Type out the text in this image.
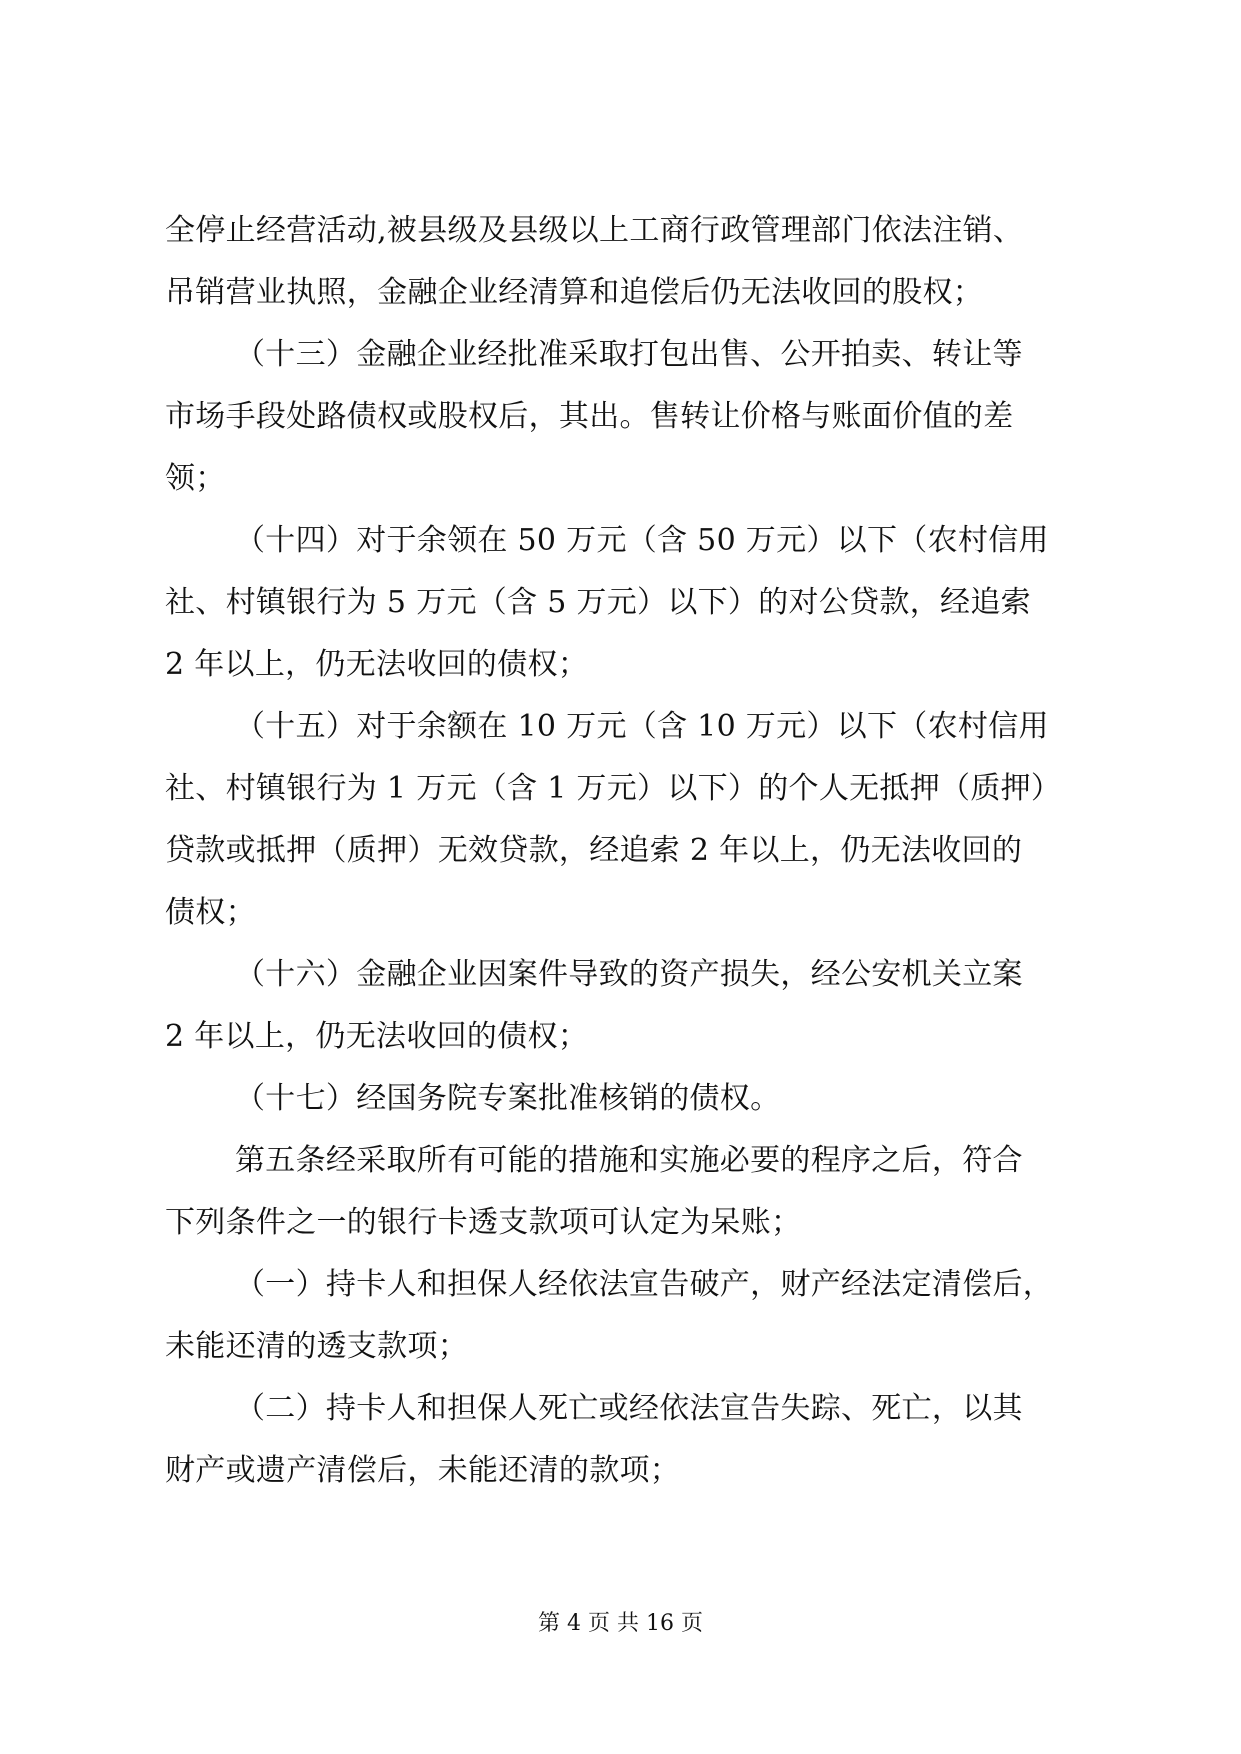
全停止经营活动,被县级及县级以上工商行政管理部门依法注销、
吊销营业执照，金融企业经清算和追偿后仍无法收回的股权；
（十三）金融企业经批准采取打包出售、公开拍卖、转让等
市场手段处路债权或股权后，其出。售转让价格与账面价值的差
领；
（十四）对于余领在 50 万元（含 50 万元）以下（农村信用
社、村镇银行为 5 万元（含 5 万元）以下）的对公贷款，经追索
2 年以上，仍无法收回的债权；
（十五）对于余额在 10 万元（含 10 万元）以下（农村信用
社、村镇银行为 1 万元（含 1 万元）以下）的个人无抵押（质押）
贷款或抵押（质押）无效贷款，经追索 2 年以上，仍无法收回的
债权；
（十六）金融企业因案件导致的资产损失，经公安机关立案
2 年以上，仍无法收回的债权；
（十七）经国务院专案批准核销的债权。
第五条经采取所有可能的措施和实施必要的程序之后，符合
下列条件之一的银行卡透支款项可认定为呆账；
（一）持卡人和担保人经依法宣告破产，财产经法定清偿后，
未能还清的透支款项；
（二）持卡人和担保人死亡或经依法宣告失踪、死亡，以其
财产或遗产清偿后，未能还清的款项；
第 4 页 共 16 页
